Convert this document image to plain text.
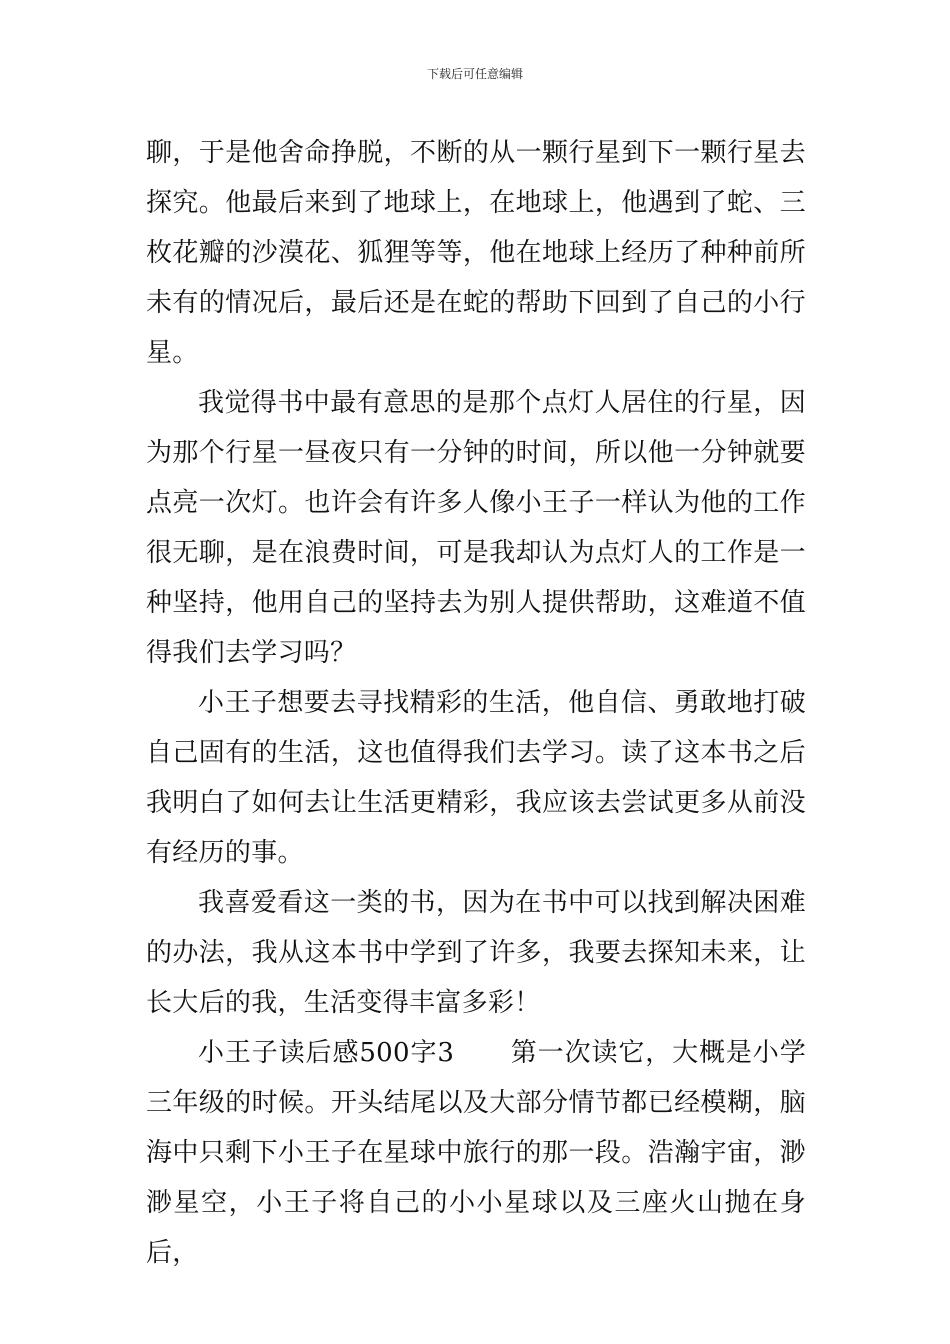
下载后可任意编辑

聊，于是他舍命挣脱，不断的从一颗行星到下一颗行星去探究。他最后来到了地球上，在地球上，他遇到了蛇、三枚花瓣的沙漠花、狐狸等等，他在地球上经历了种种前所未有的情况后，最后还是在蛇的帮助下回到了自己的小行星。

我觉得书中最有意思的是那个点灯人居住的行星，因为那个行星一昼夜只有一分钟的时间，所以他一分钟就要点亮一次灯。也许会有许多人像小王子一样认为他的工作很无聊，是在浪费时间，可是我却认为点灯人的工作是一种坚持，他用自己的坚持去为别人提供帮助，这难道不值得我们去学习吗？

小王子想要去寻找精彩的生活，他自信、勇敢地打破自己固有的生活，这也值得我们去学习。读了这本书之后我明白了如何去让生活更精彩，我应该去尝试更多从前没有经历的事。

我喜爱看这一类的书，因为在书中可以找到解决困难的办法，我从这本书中学到了许多，我要去探知未来，让长大后的我，生活变得丰富多彩！

小王子读后感500字3 第一次读它，大概是小学三年级的时候。开头结尾以及大部分情节都已经模糊，脑海中只剩下小王子在星球中旅行的那一段。浩瀚宇宙，渺渺星空，小王子将自己的小小星球以及三座火山抛在身后，
